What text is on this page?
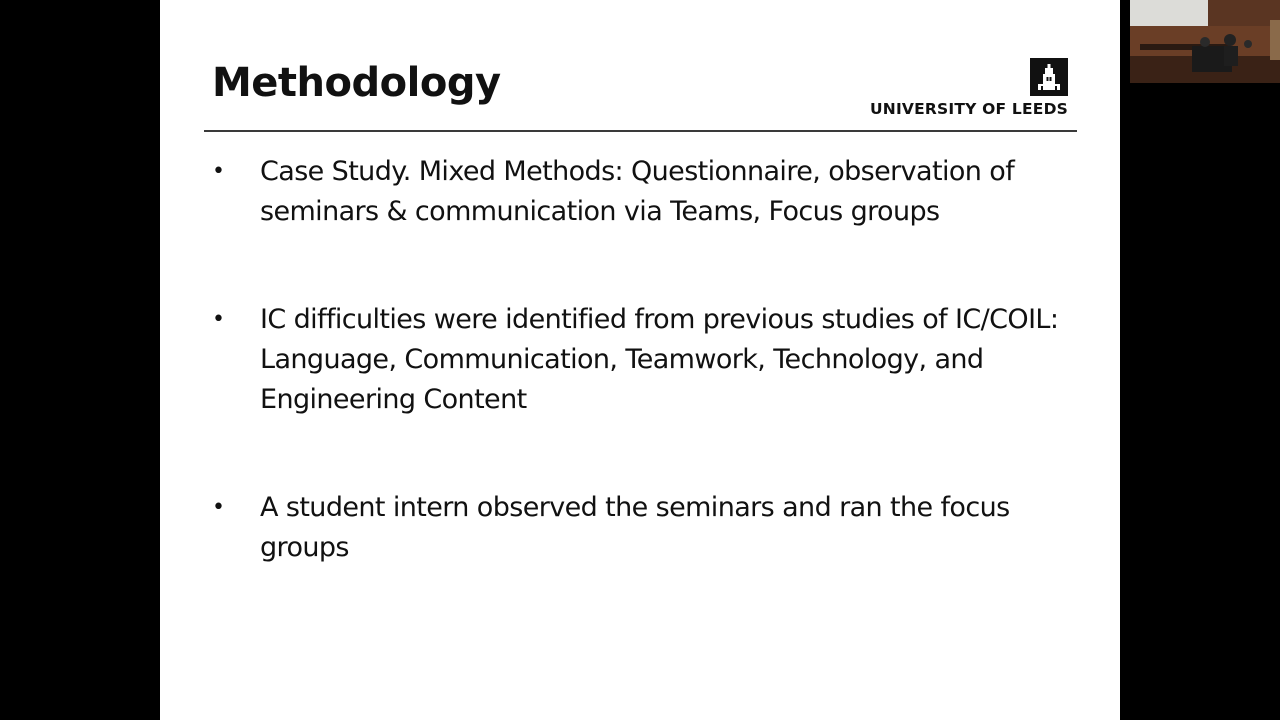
Methodology
UNIVERSITY OF LEEDS
• Case Study. Mixed Methods: Questionnaire, observation of seminars & communication via Teams, Focus groups
• IC difficulties were identified from previous studies of IC/COIL: Language, Communication, Teamwork, Technology, and Engineering Content
• A student intern observed the seminars and ran the focus groups
